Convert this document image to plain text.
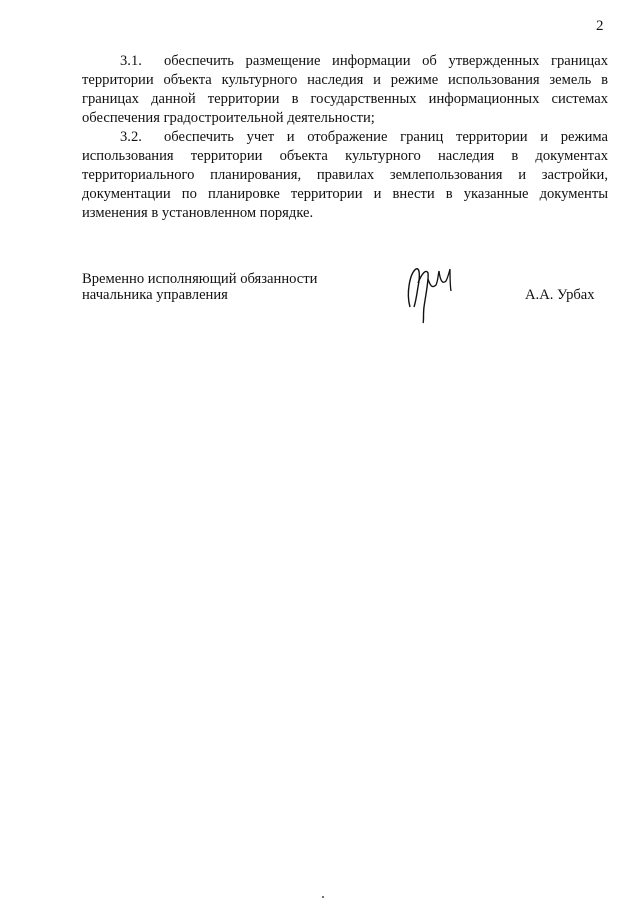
2

3.1. обеспечить размещение информации об утвержденных границах территории объекта культурного наследия и режиме использования земель в границах данной территории в государственных информационных системах обеспечения градостроительной деятельности;

3.2. обеспечить учет и отображение границ территории и режима использования территории объекта культурного наследия в документах территориального планирования, правилах землепользования и застройки, документации по планировке территории и внести в указанные документы изменения в установленном порядке.

Временно исполняющий обязанности
начальника управления	А.А. Урбах
